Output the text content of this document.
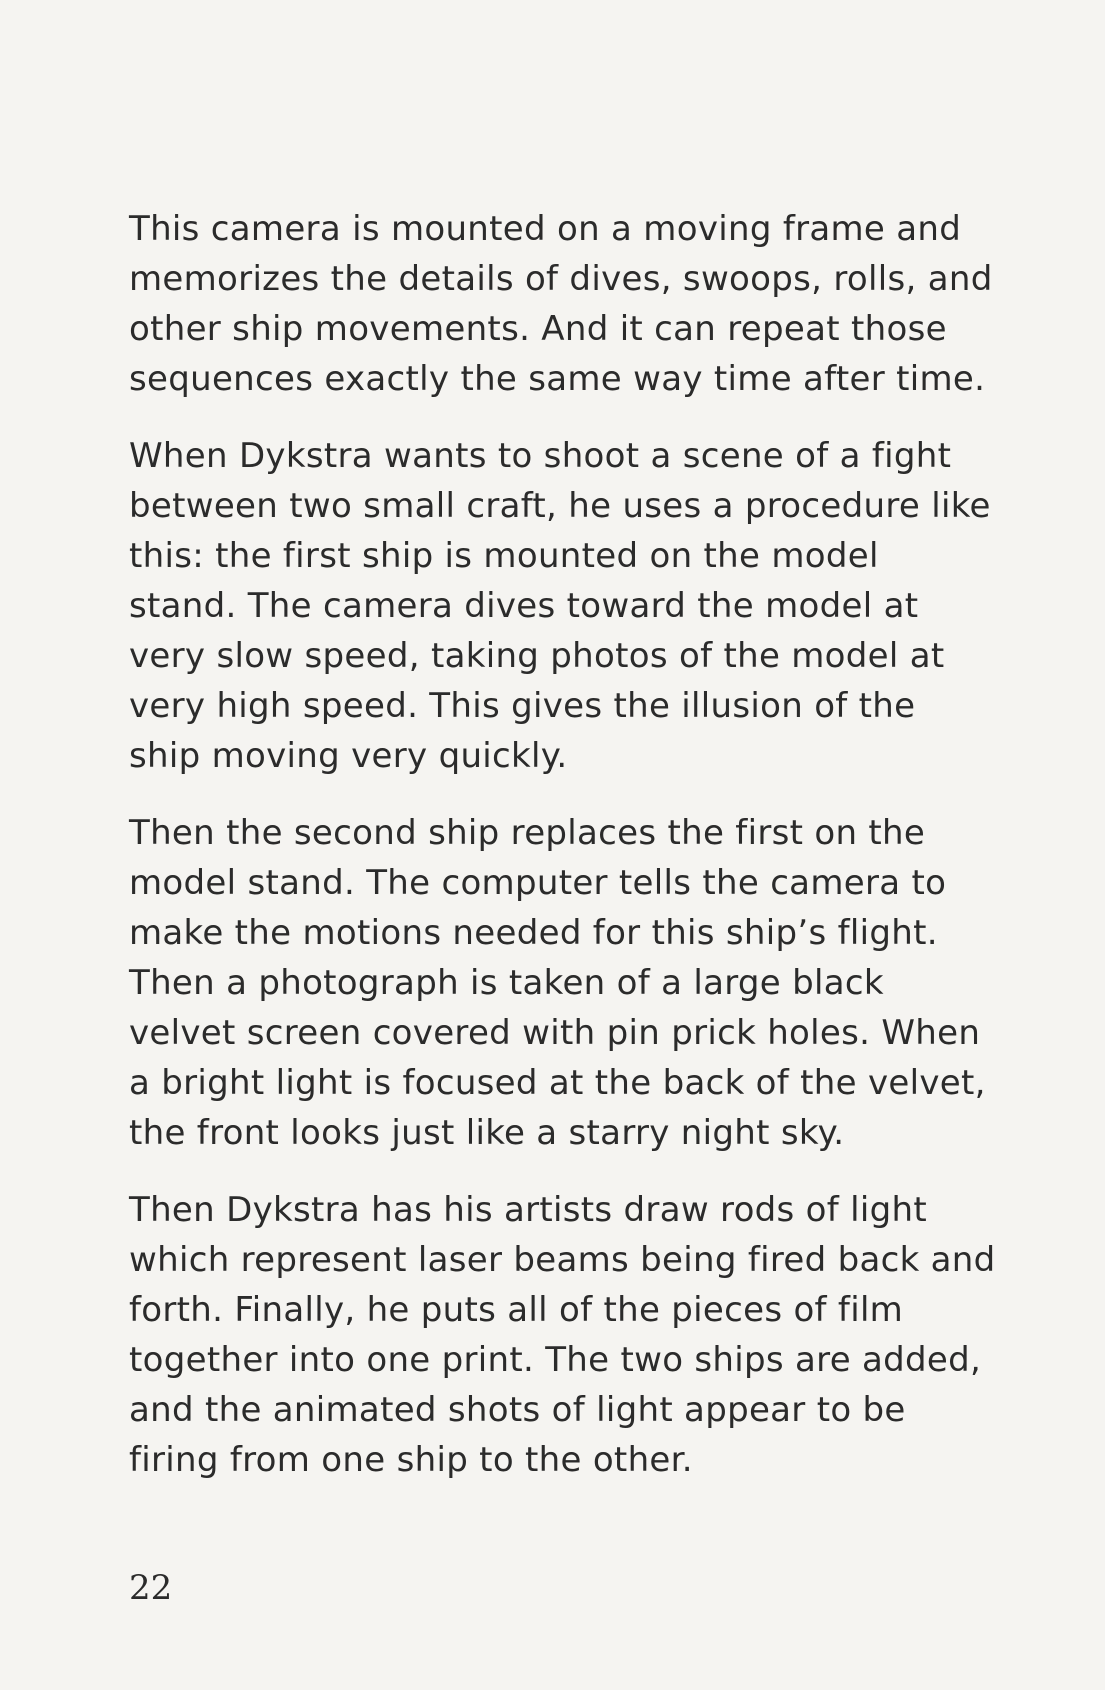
This camera is mounted on a moving frame and
memorizes the details of dives, swoops, rolls, and
other ship movements. And it can repeat those
sequences exactly the same way time after time.

When Dykstra wants to shoot a scene of a fight
between two small craft, he uses a procedure like
this: the first ship is mounted on the model
stand. The camera dives toward the model at
very slow speed, taking photos of the model at
very high speed. This gives the illusion of the
ship moving very quickly.

Then the second ship replaces the first on the
model stand. The computer tells the camera to
make the motions needed for this ship’s flight.
Then a photograph is taken of a large black
velvet screen covered with pin prick holes. When
a bright light is focused at the back of the velvet,
the front looks just like a starry night sky.

Then Dykstra has his artists draw rods of light
which represent laser beams being fired back and
forth. Finally, he puts all of the pieces of film
together into one print. The two ships are added,
and the animated shots of light appear to be
firing from one ship to the other.

22
